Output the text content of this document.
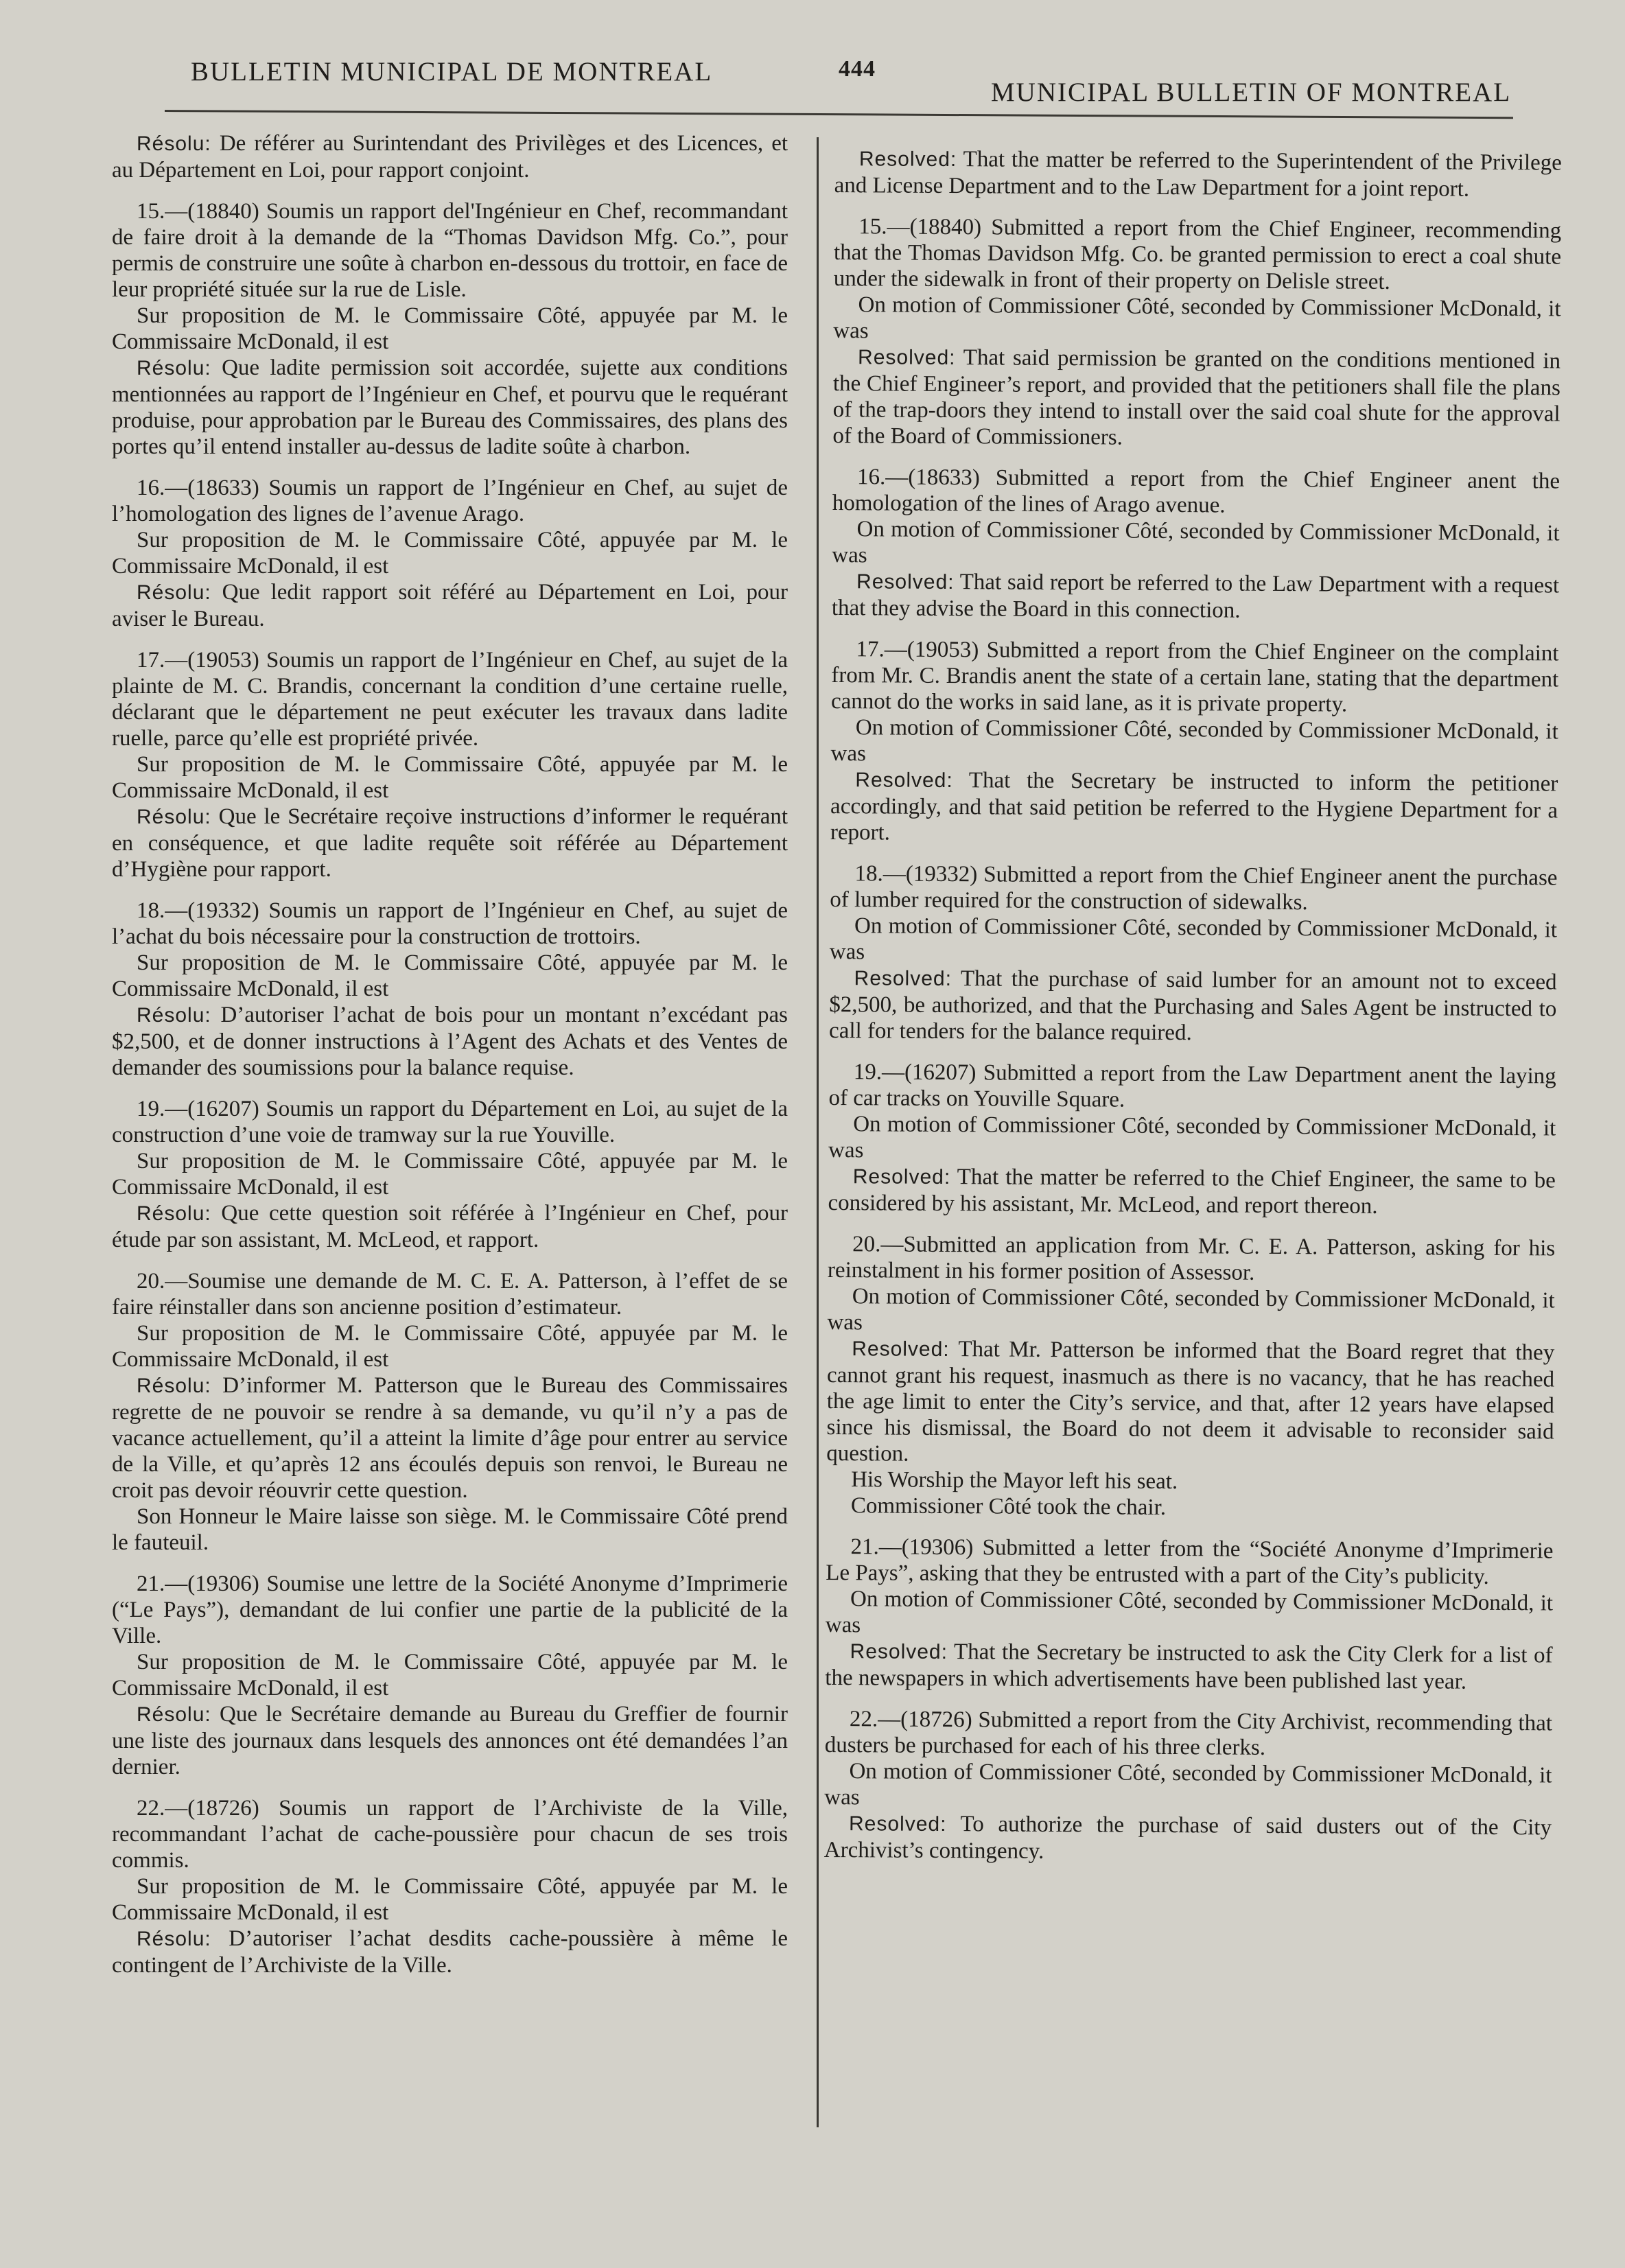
BULLETIN MUNICIPAL DE MONTREAL	444
MUNICIPAL BULLETIN OF MONTREAL

Résolu: De référer au Surintendant des Privilèges et des Licences, et au Département en Loi, pour rapport conjoint.

15.—(18840) Soumis un rapport del'Ingénieur en Chef, recommandant de faire droit à la demande de la “Thomas Davidson Mfg. Co.”, pour permis de construire une soûte à charbon en-dessous du trottoir, en face de leur propriété située sur la rue de Lisle.

Sur proposition de M. le Commissaire Côté, appuyée par M. le Commissaire McDonald, il est

Résolu: Que ladite permission soit accordée, sujette aux conditions mentionnées au rapport de l’Ingénieur en Chef, et pourvu que le requérant produise, pour approbation par le Bureau des Commissaires, des plans des portes qu’il entend installer au-dessus de ladite soûte à charbon.

16.—(18633) Soumis un rapport de l’Ingénieur en Chef, au sujet de l’homologation des lignes de l’avenue Arago.

Sur proposition de M. le Commissaire Côté, appuyée par M. le Commissaire McDonald, il est

Résolu: Que ledit rapport soit référé au Département en Loi, pour aviser le Bureau.

17.—(19053) Soumis un rapport de l’Ingénieur en Chef, au sujet de la plainte de M. C. Brandis, concernant la condition d’une certaine ruelle, déclarant que le département ne peut exécuter les travaux dans ladite ruelle, parce qu’elle est propriété privée.

Sur proposition de M. le Commissaire Côté, appuyée par M. le Commissaire McDonald, il est

Résolu: Que le Secrétaire reçoive instructions d’informer le requérant en conséquence, et que ladite requête soit référée au Département d’Hygiène pour rapport.

18.—(19332) Soumis un rapport de l’Ingénieur en Chef, au sujet de l’achat du bois nécessaire pour la construction de trottoirs.

Sur proposition de M. le Commissaire Côté, appuyée par M. le Commissaire McDonald, il est

Résolu: D’autoriser l’achat de bois pour un montant n’excédant pas $2,500, et de donner instructions à l’Agent des Achats et des Ventes de demander des soumissions pour la balance requise.

19.—(16207) Soumis un rapport du Département en Loi, au sujet de la construction d’une voie de tramway sur la rue Youville.

Sur proposition de M. le Commissaire Côté, appuyée par M. le Commissaire McDonald, il est

Résolu: Que cette question soit référée à l’Ingénieur en Chef, pour étude par son assistant, M. McLeod, et rapport.

20.—Soumise une demande de M. C. E. A. Patterson, à l’effet de se faire réinstaller dans son ancienne position d’estimateur.

Sur proposition de M. le Commissaire Côté, appuyée par M. le Commissaire McDonald, il est

Résolu: D’informer M. Patterson que le Bureau des Commissaires regrette de ne pouvoir se rendre à sa demande, vu qu’il n’y a pas de vacance actuellement, qu’il a atteint la limite d’âge pour entrer au service de la Ville, et qu’après 12 ans écoulés depuis son renvoi, le Bureau ne croit pas devoir réouvrir cette question.

Son Honneur le Maire laisse son siège. M. le Commissaire Côté prend le fauteuil.

21.—(19306) Soumise une lettre de la Société Anonyme d’Imprimerie (“Le Pays”), demandant de lui confier une partie de la publicité de la Ville.

Sur proposition de M. le Commissaire Côté, appuyée par M. le Commissaire McDonald, il est

Résolu: Que le Secrétaire demande au Bureau du Greffier de fournir une liste des journaux dans lesquels des annonces ont été demandées l’an dernier.

22.—(18726) Soumis un rapport de l’Archiviste de la Ville, recommandant l’achat de cache-poussière pour chacun de ses trois commis.

Sur proposition de M. le Commissaire Côté, appuyée par M. le Commissaire McDonald, il est

Résolu: D’autoriser l’achat desdits cache-poussière à même le contingent de l’Archiviste de la Ville.

Resolved: That the matter be referred to the Superintendent of the Privilege and License Department and to the Law Department for a joint report.

15.—(18840) Submitted a report from the Chief Engineer, recommending that the Thomas Davidson Mfg. Co. be granted permission to erect a coal shute under the sidewalk in front of their property on Delisle street.

On motion of Commissioner Côté, seconded by Commissioner McDonald, it was

Resolved: That said permission be granted on the conditions mentioned in the Chief Engineer’s report, and provided that the petitioners shall file the plans of the trap-doors they intend to install over the said coal shute for the approval of the Board of Commissioners.

16.—(18633) Submitted a report from the Chief Engineer anent the homologation of the lines of Arago avenue.

On motion of Commissioner Côté, seconded by Commissioner McDonald, it was

Resolved: That said report be referred to the Law Department with a request that they advise the Board in this connection.

17.—(19053) Submitted a report from the Chief Engineer on the complaint from Mr. C. Brandis anent the state of a certain lane, stating that the department cannot do the works in said lane, as it is private property.

On motion of Commissioner Côté, seconded by Commissioner McDonald, it was

Resolved: That the Secretary be instructed to inform the petitioner accordingly, and that said petition be referred to the Hygiene Department for a report.

18.—(19332) Submitted a report from the Chief Engineer anent the purchase of lumber required for the construction of sidewalks.

On motion of Commissioner Côté, seconded by Commissioner McDonald, it was

Resolved: That the purchase of said lumber for an amount not to exceed $2,500, be authorized, and that the Purchasing and Sales Agent be instructed to call for tenders for the balance required.

19.—(16207) Submitted a report from the Law Department anent the laying of car tracks on Youville Square.

On motion of Commissioner Côté, seconded by Commissioner McDonald, it was

Resolved: That the matter be referred to the Chief Engineer, the same to be considered by his assistant, Mr. McLeod, and report thereon.

20.—Submitted an application from Mr. C. E. A. Patterson, asking for his reinstalment in his former position of Assessor.

On motion of Commissioner Côté, seconded by Commissioner McDonald, it was

Resolved: That Mr. Patterson be informed that the Board regret that they cannot grant his request, inasmuch as there is no vacancy, that he has reached the age limit to enter the City’s service, and that, after 12 years have elapsed since his dismissal, the Board do not deem it advisable to reconsider said question.

His Worship the Mayor left his seat.

Commissioner Côté took the chair.

21.—(19306) Submitted a letter from the “Société Anonyme d’Imprimerie Le Pays”, asking that they be entrusted with a part of the City’s publicity.

On motion of Commissioner Côté, seconded by Commissioner McDonald, it was

Resolved: That the Secretary be instructed to ask the City Clerk for a list of the newspapers in which advertisements have been published last year.

22.—(18726) Submitted a report from the City Archivist, recommending that dusters be purchased for each of his three clerks.

On motion of Commissioner Côté, seconded by Commissioner McDonald, it was

Resolved: To authorize the purchase of said dusters out of the City Archivist’s contingency.
